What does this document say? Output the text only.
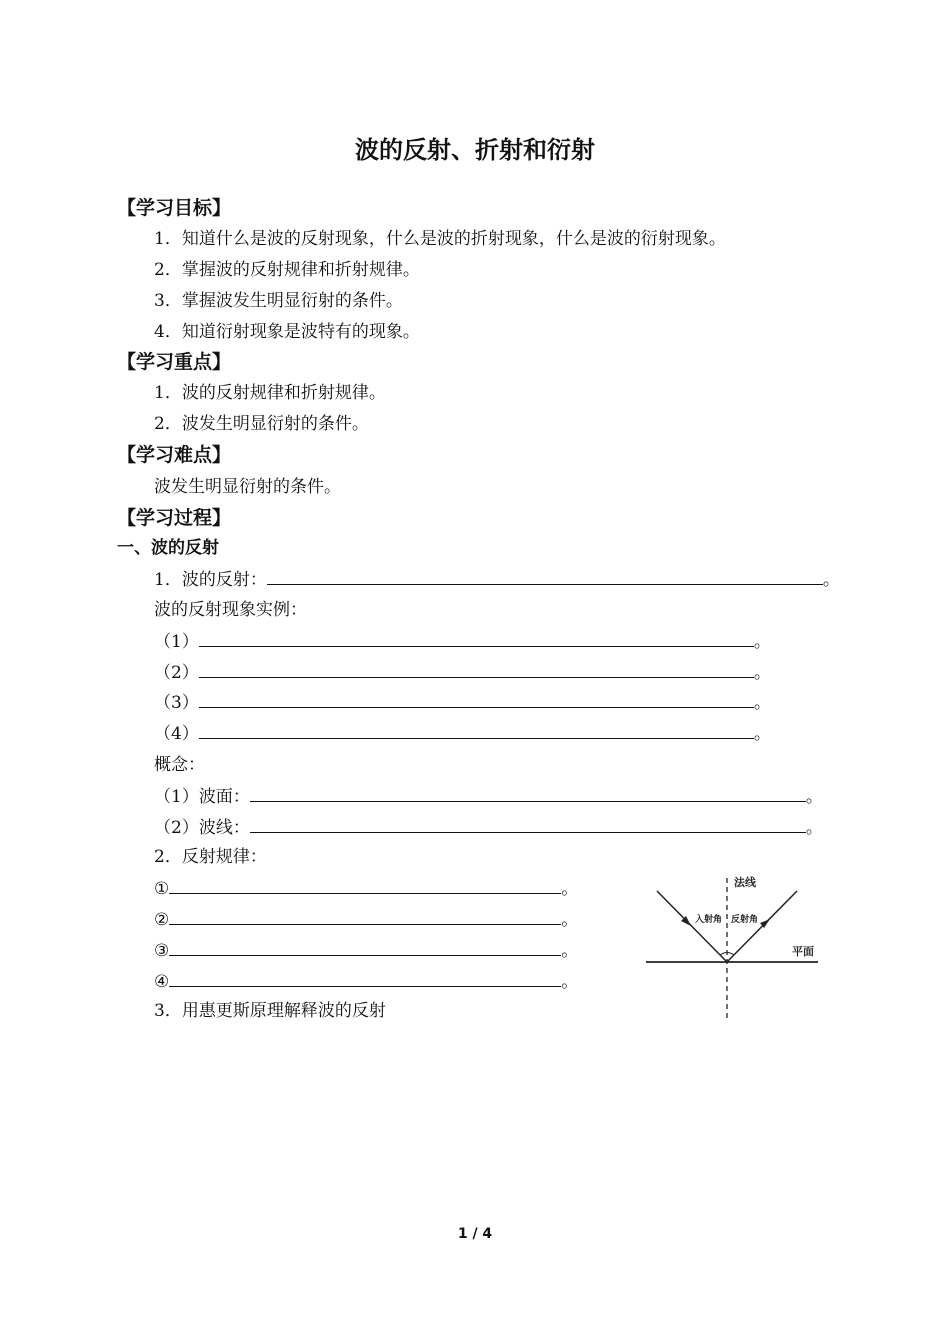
波的反射、折射和衍射
【学习目标】
1．知道什么是波的反射现象，什么是波的折射现象，什么是波的衍射现象。
2．掌握波的反射规律和折射规律。
3．掌握波发生明显衍射的条件。
4．知道衍射现象是波特有的现象。
【学习重点】
1．波的反射规律和折射规律。
2．波发生明显衍射的条件。
【学习难点】
波发生明显衍射的条件。
【学习过程】
一、波的反射
1．波的反射：	。
波的反射现象实例：
（1）	。
（2）	。
（3）	。
（4）	。
概念：
（1）波面：	。
（2）波线：	。
2．反射规律：
①	。
②	。
③	。
④	。
3．用惠更斯原理解释波的反射
法线
入射角 反射角
平面
1 / 4
